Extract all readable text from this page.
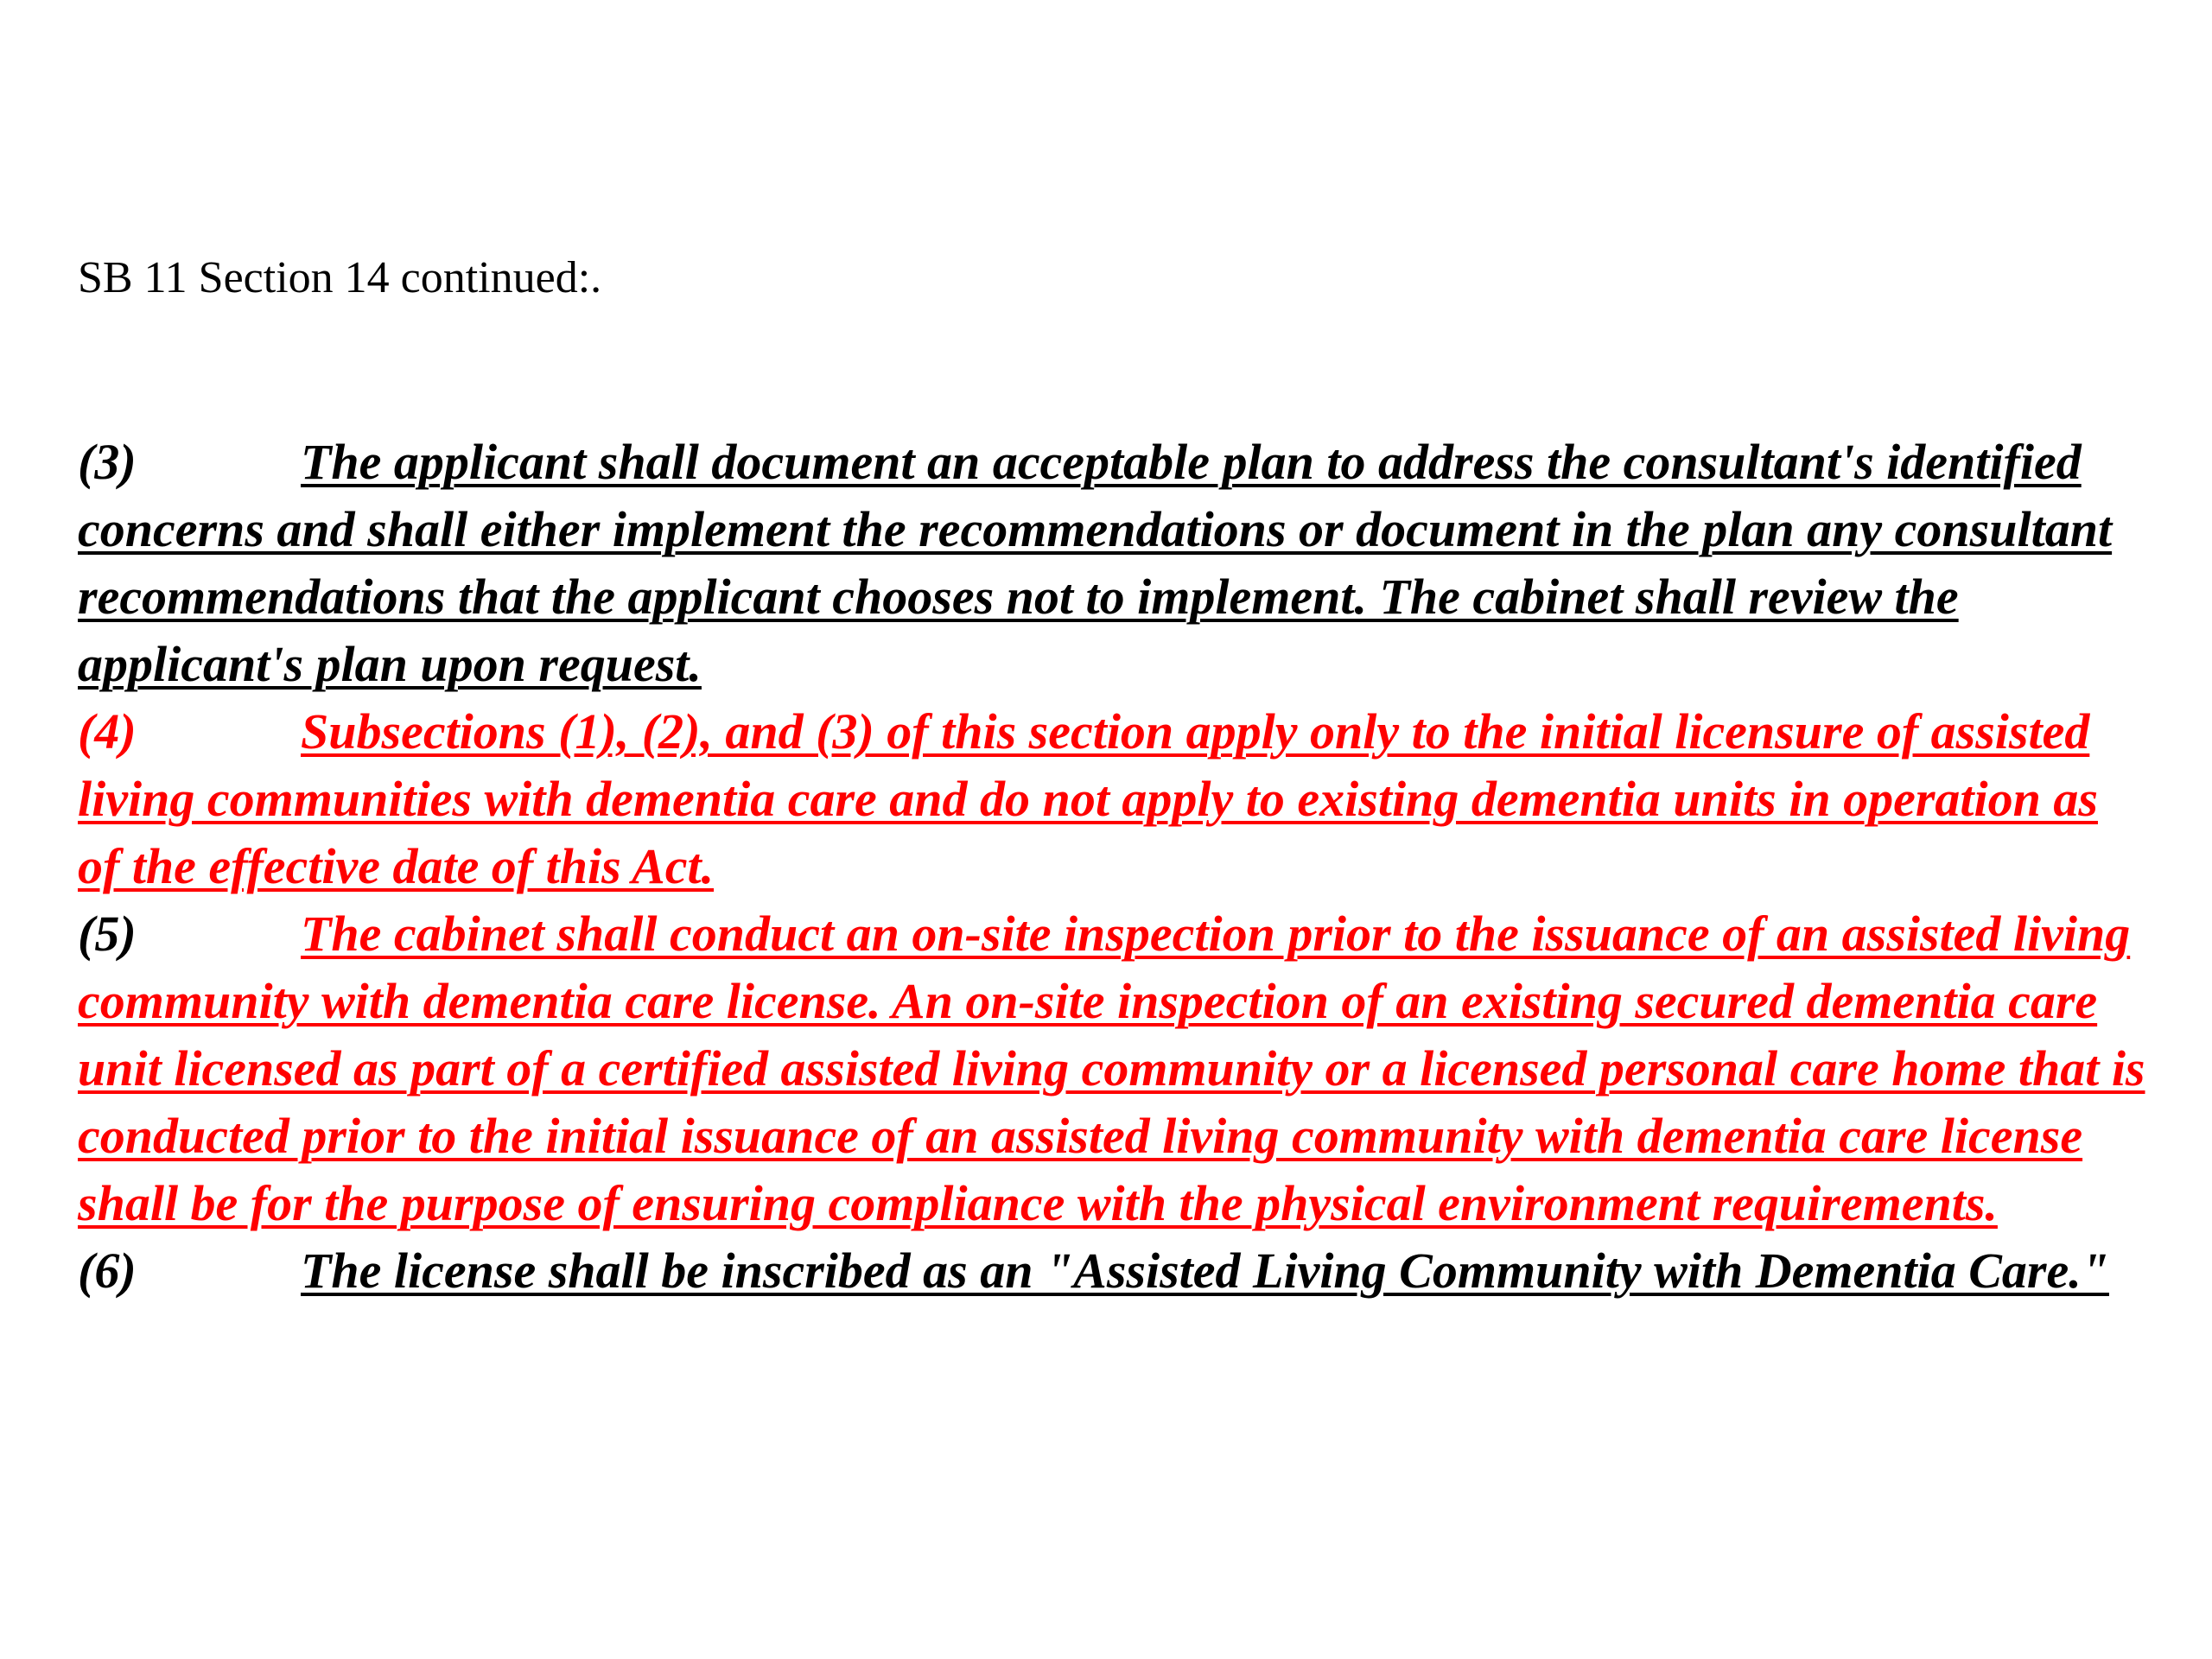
SB 11 Section 14 continued:.

(3)	The applicant shall document an acceptable plan to address the consultant's identified concerns and shall either implement the recommendations or document in the plan any consultant recommendations that the applicant chooses not to implement. The cabinet shall review the applicant's plan upon request.

(4)	Subsections (1), (2), and (3) of this section apply only to the initial licensure of assisted living communities with dementia care and do not apply to existing dementia units in operation as of the effective date of this Act.

(5)	The cabinet shall conduct an on-site inspection prior to the issuance of an assisted living community with dementia care license. An on-site inspection of an existing secured dementia care unit licensed as part of a certified assisted living community or a licensed personal care home that is conducted prior to the initial issuance of an assisted living community with dementia care license shall be for the purpose of ensuring compliance with the physical environment requirements.

(6)	The license shall be inscribed as an "Assisted Living Community with Dementia Care."
